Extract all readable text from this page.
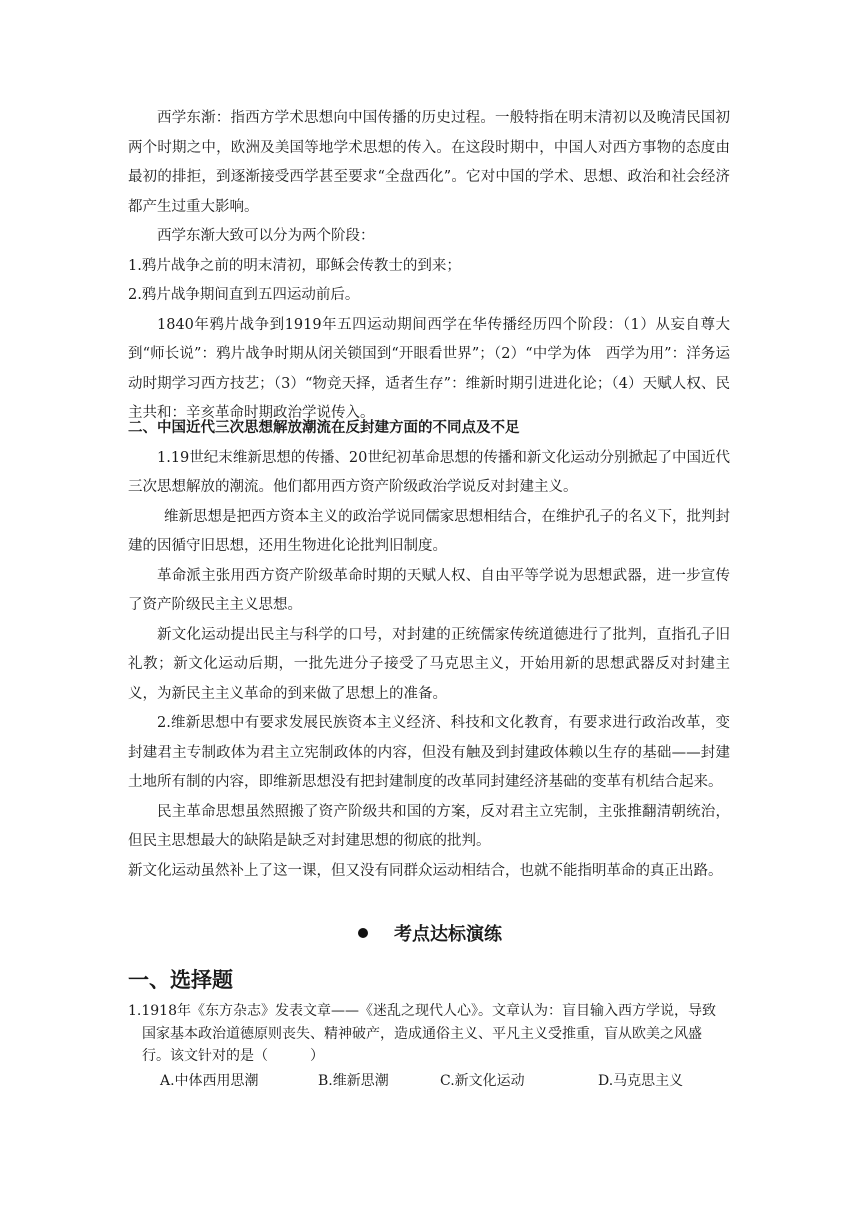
西学东渐：指西方学术思想向中国传播的历史过程。一般特指在明末清初以及晚清民国初两个时期之中，欧洲及美国等地学术思想的传入。在这段时期中，中国人对西方事物的态度由最初的排拒，到逐渐接受西学甚至要求“全盘西化”。它对中国的学术、思想、政治和社会经济都产生过重大影响。

西学东渐大致可以分为两个阶段：

1.鸦片战争之前的明末清初，耶稣会传教士的到来；

2.鸦片战争期间直到五四运动前后。

1840年鸦片战争到1919年五四运动期间西学在华传播经历四个阶段：（1）从妄自尊大到“师长说”：鸦片战争时期从闭关锁国到“开眼看世界”；（2）“中学为体　西学为用”：洋务运动时期学习西方技艺；（3）“物竞天择，适者生存”：维新时期引进进化论；（4）天赋人权、民主共和：辛亥革命时期政治学说传入。

二、中国近代三次思想解放潮流在反封建方面的不同点及不足

1.19世纪末维新思想的传播、20世纪初革命思想的传播和新文化运动分别掀起了中国近代三次思想解放的潮流。他们都用西方资产阶级政治学说反对封建主义。

维新思想是把西方资本主义的政治学说同儒家思想相结合，在维护孔子的名义下，批判封建的因循守旧思想，还用生物进化论批判旧制度。

革命派主张用西方资产阶级革命时期的天赋人权、自由平等学说为思想武器，进一步宣传了资产阶级民主主义思想。

新文化运动提出民主与科学的口号，对封建的正统儒家传统道德进行了批判，直指孔子旧礼教；新文化运动后期，一批先进分子接受了马克思主义，开始用新的思想武器反对封建主义，为新民主主义革命的到来做了思想上的准备。

2.维新思想中有要求发展民族资本主义经济、科技和文化教育，有要求进行政治改革，变封建君主专制政体为君主立宪制政体的内容，但没有触及到封建政体赖以生存的基础——封建土地所有制的内容，即维新思想没有把封建制度的改革同封建经济基础的变革有机结合起来。

民主革命思想虽然照搬了资产阶级共和国的方案，反对君主立宪制，主张推翻清朝统治，但民主思想最大的缺陷是缺乏对封建思想的彻底的批判。

新文化运动虽然补上了这一课，但又没有同群众运动相结合，也就不能指明革命的真正出路。

考点达标演练
一、选择题

1.1918年《东方杂志》发表文章——《迷乱之现代人心》。文章认为：盲目输入西方学说，导致国家基本政治道德原则丧失、精神破产，造成通俗主义、平凡主义受推重，盲从欧美之风盛行。该文针对的是（　　　）

A.中体西用思潮	B.维新思潮	C.新文化运动	D.马克思主义
